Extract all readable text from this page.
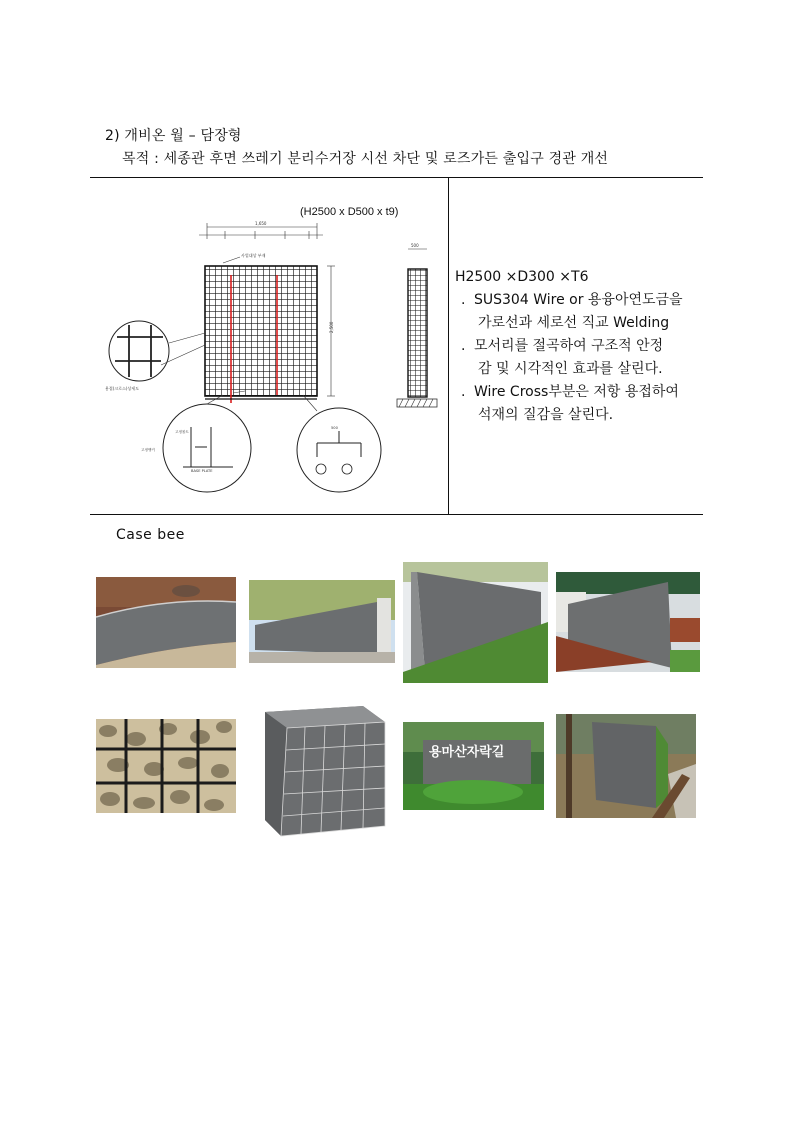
2) 개비온 월 – 담장형
목적 : 세종관 후면 쓰레기 분리수거장 시선 차단 및 로즈가든 출입구 경관 개선
(H2500 x D500 x t9)
1,650
사업대상 부재
2,500
500
용접(크로스)상세도
BASE PLATE
고정앵커
고정볼트
500
H2500 ×D300 ×T6
. SUS304 Wire or 용융아연도금을
가로선과 세로선 직교 Welding
. 모서리를 절곡하여 구조적 안정
감 및 시각적인 효과를 살린다.
. Wire Cross부분은 저항 용접하여
석재의 질감을 살린다.
Case bee
용마산자락길
